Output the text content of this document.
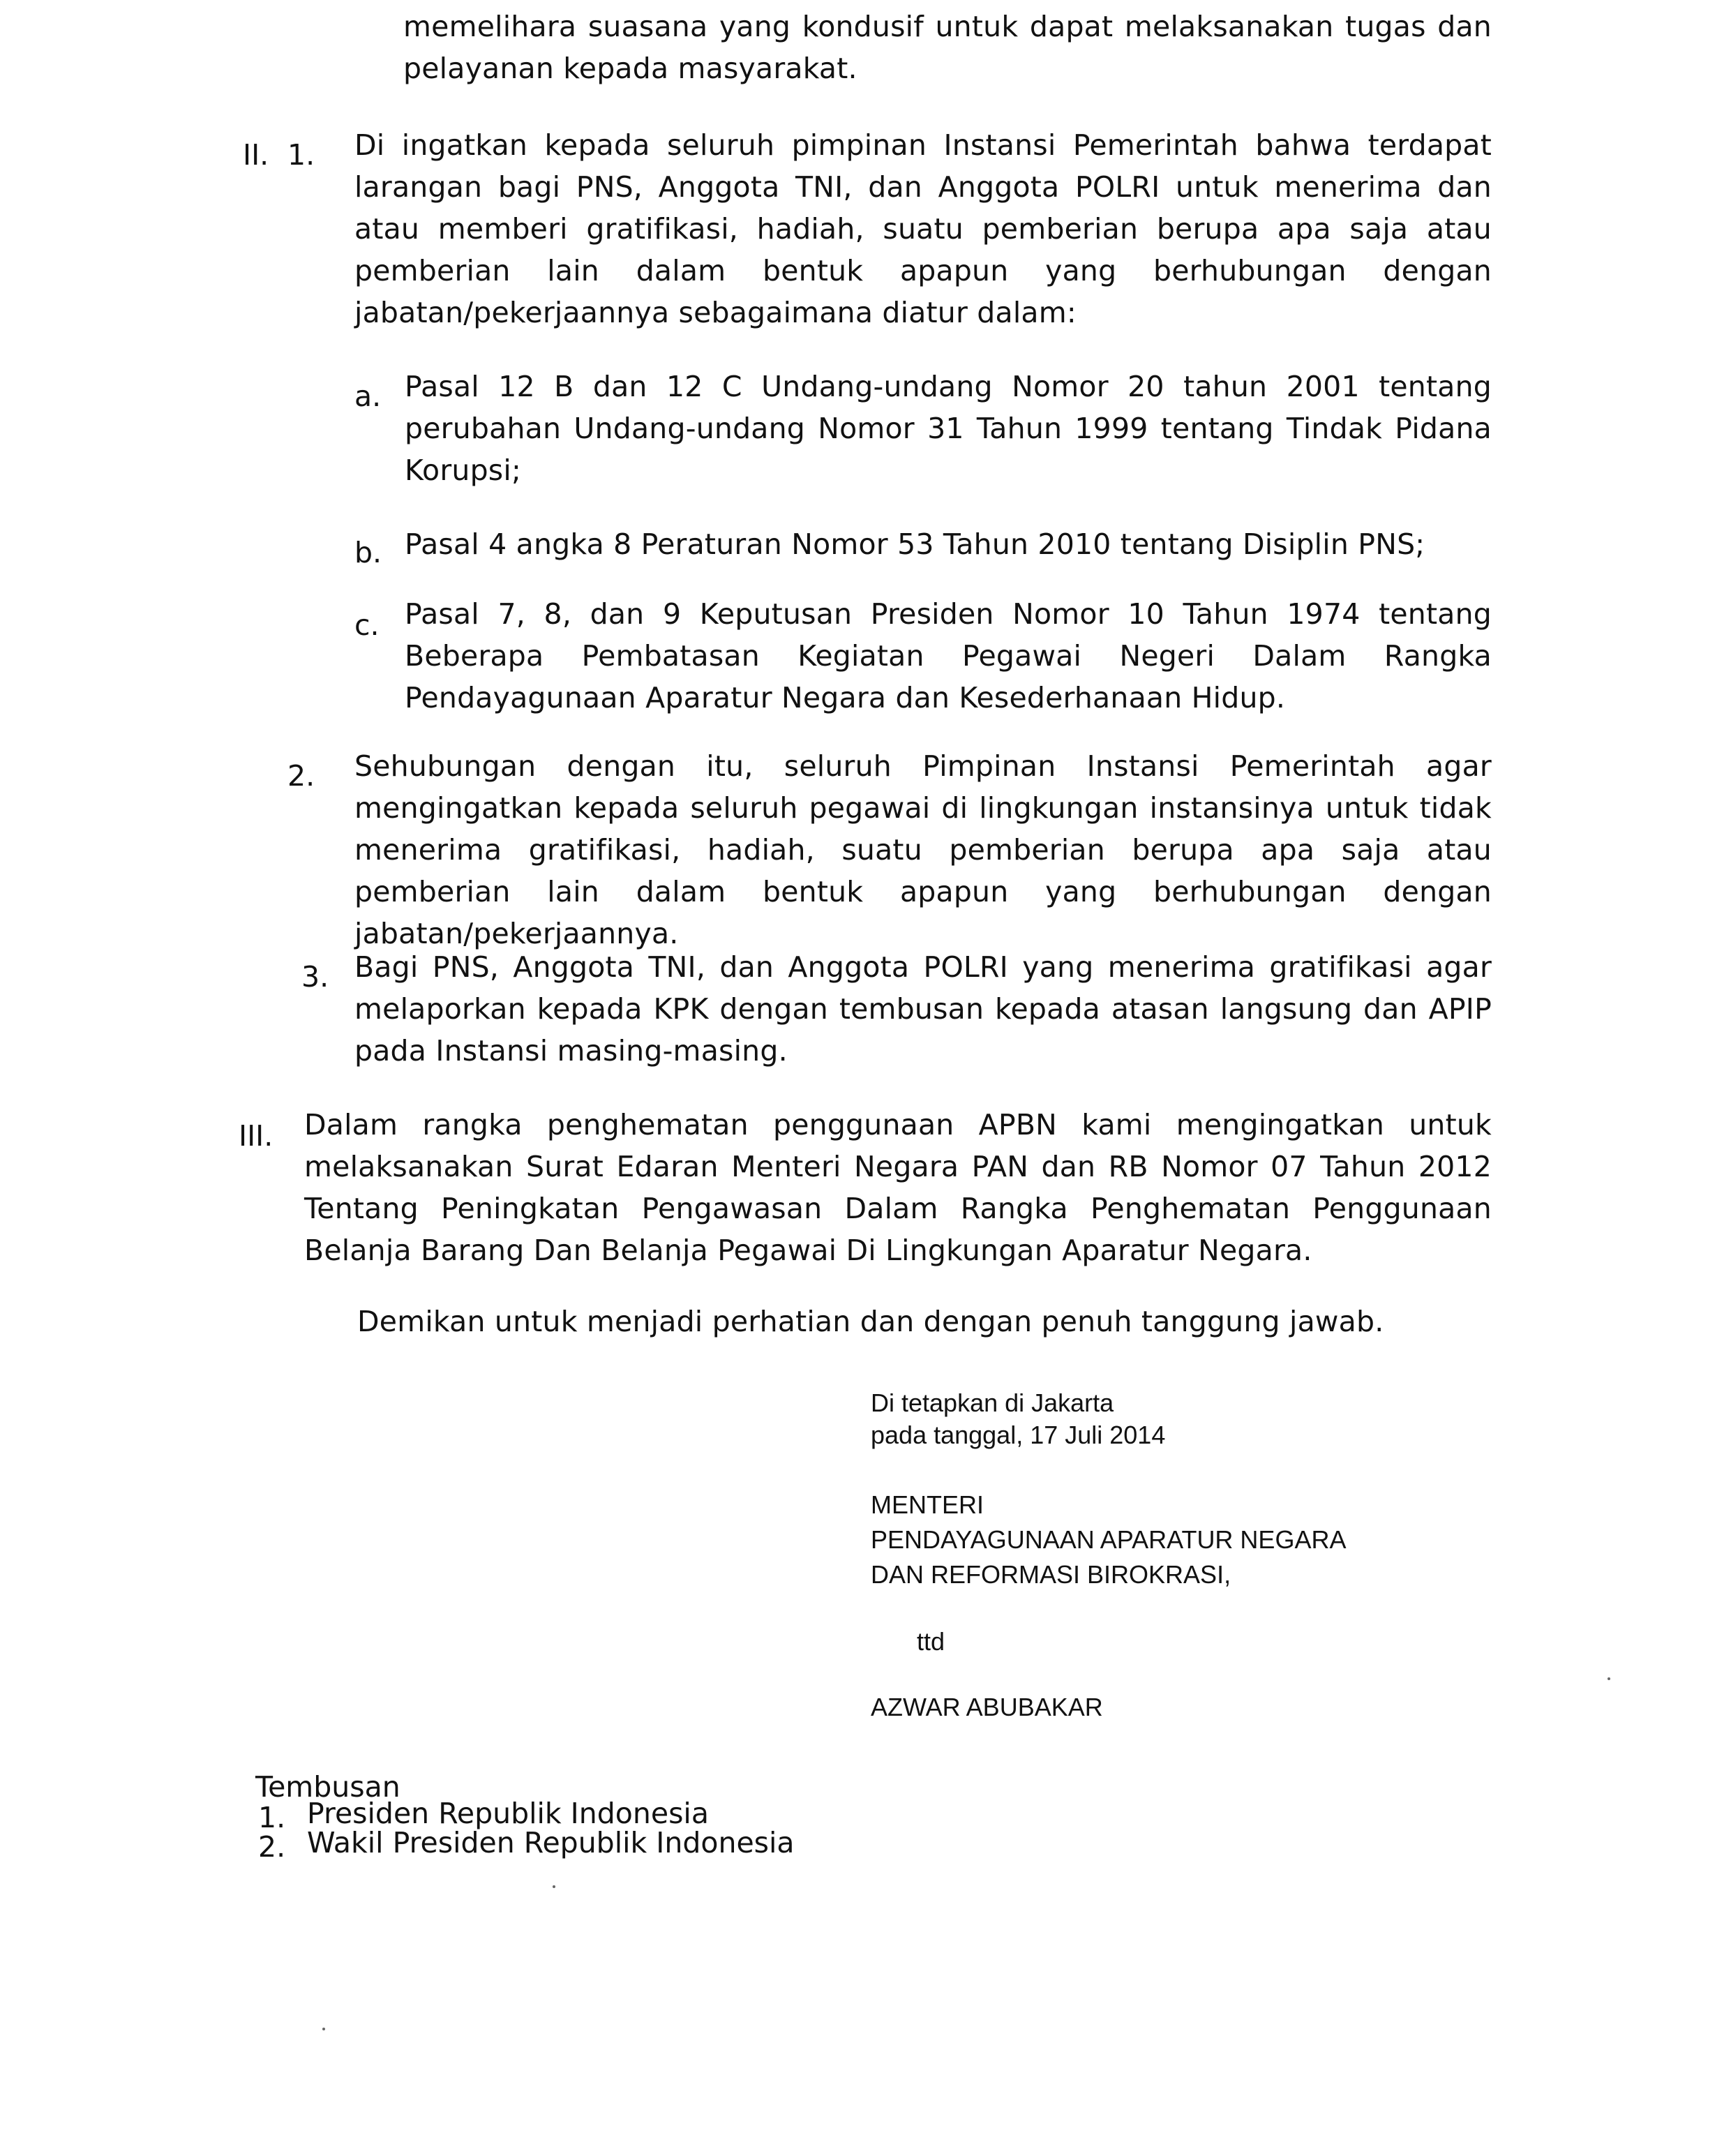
memelihara suasana yang kondusif untuk dapat melaksanakan tugas dan pelayanan kepada masyarakat.
II. 1. Di ingatkan kepada seluruh pimpinan Instansi Pemerintah bahwa terdapat larangan bagi PNS, Anggota TNI, dan Anggota POLRI untuk menerima dan atau memberi gratifikasi, hadiah, suatu pemberian berupa apa saja atau pemberian lain dalam bentuk apapun yang berhubungan dengan jabatan/pekerjaannya sebagaimana diatur dalam:
a. Pasal 12 B dan 12 C Undang-undang Nomor 20 tahun 2001 tentang perubahan Undang-undang Nomor 31 Tahun 1999 tentang Tindak Pidana Korupsi;
b. Pasal 4 angka 8 Peraturan Nomor 53 Tahun 2010 tentang Disiplin PNS;
c. Pasal 7, 8, dan 9 Keputusan Presiden Nomor 10 Tahun 1974 tentang Beberapa Pembatasan Kegiatan Pegawai Negeri Dalam Rangka Pendayagunaan Aparatur Negara dan Kesederhanaan Hidup.
2. Sehubungan dengan itu, seluruh Pimpinan Instansi Pemerintah agar mengingatkan kepada seluruh pegawai di lingkungan instansinya untuk tidak menerima gratifikasi, hadiah, suatu pemberian berupa apa saja atau pemberian lain dalam bentuk apapun yang berhubungan dengan jabatan/pekerjaannya.
3. Bagi PNS, Anggota TNI, dan Anggota POLRI yang menerima gratifikasi agar melaporkan kepada KPK dengan tembusan kepada atasan langsung dan APIP pada Instansi masing-masing.
III. Dalam rangka penghematan penggunaan APBN kami mengingatkan untuk melaksanakan Surat Edaran Menteri Negara PAN dan RB Nomor 07 Tahun 2012 Tentang Peningkatan Pengawasan Dalam Rangka Penghematan Penggunaan Belanja Barang Dan Belanja Pegawai Di Lingkungan Aparatur Negara.
Demikan untuk menjadi perhatian dan dengan penuh tanggung jawab.
Di tetapkan di Jakarta
pada tanggal, 17 Juli 2014
MENTERI
PENDAYAGUNAAN APARATUR NEGARA
DAN REFORMASI BIROKRASI,
ttd
AZWAR ABUBAKAR
Tembusan
1. Presiden Republik Indonesia
2. Wakil Presiden Republik Indonesia
